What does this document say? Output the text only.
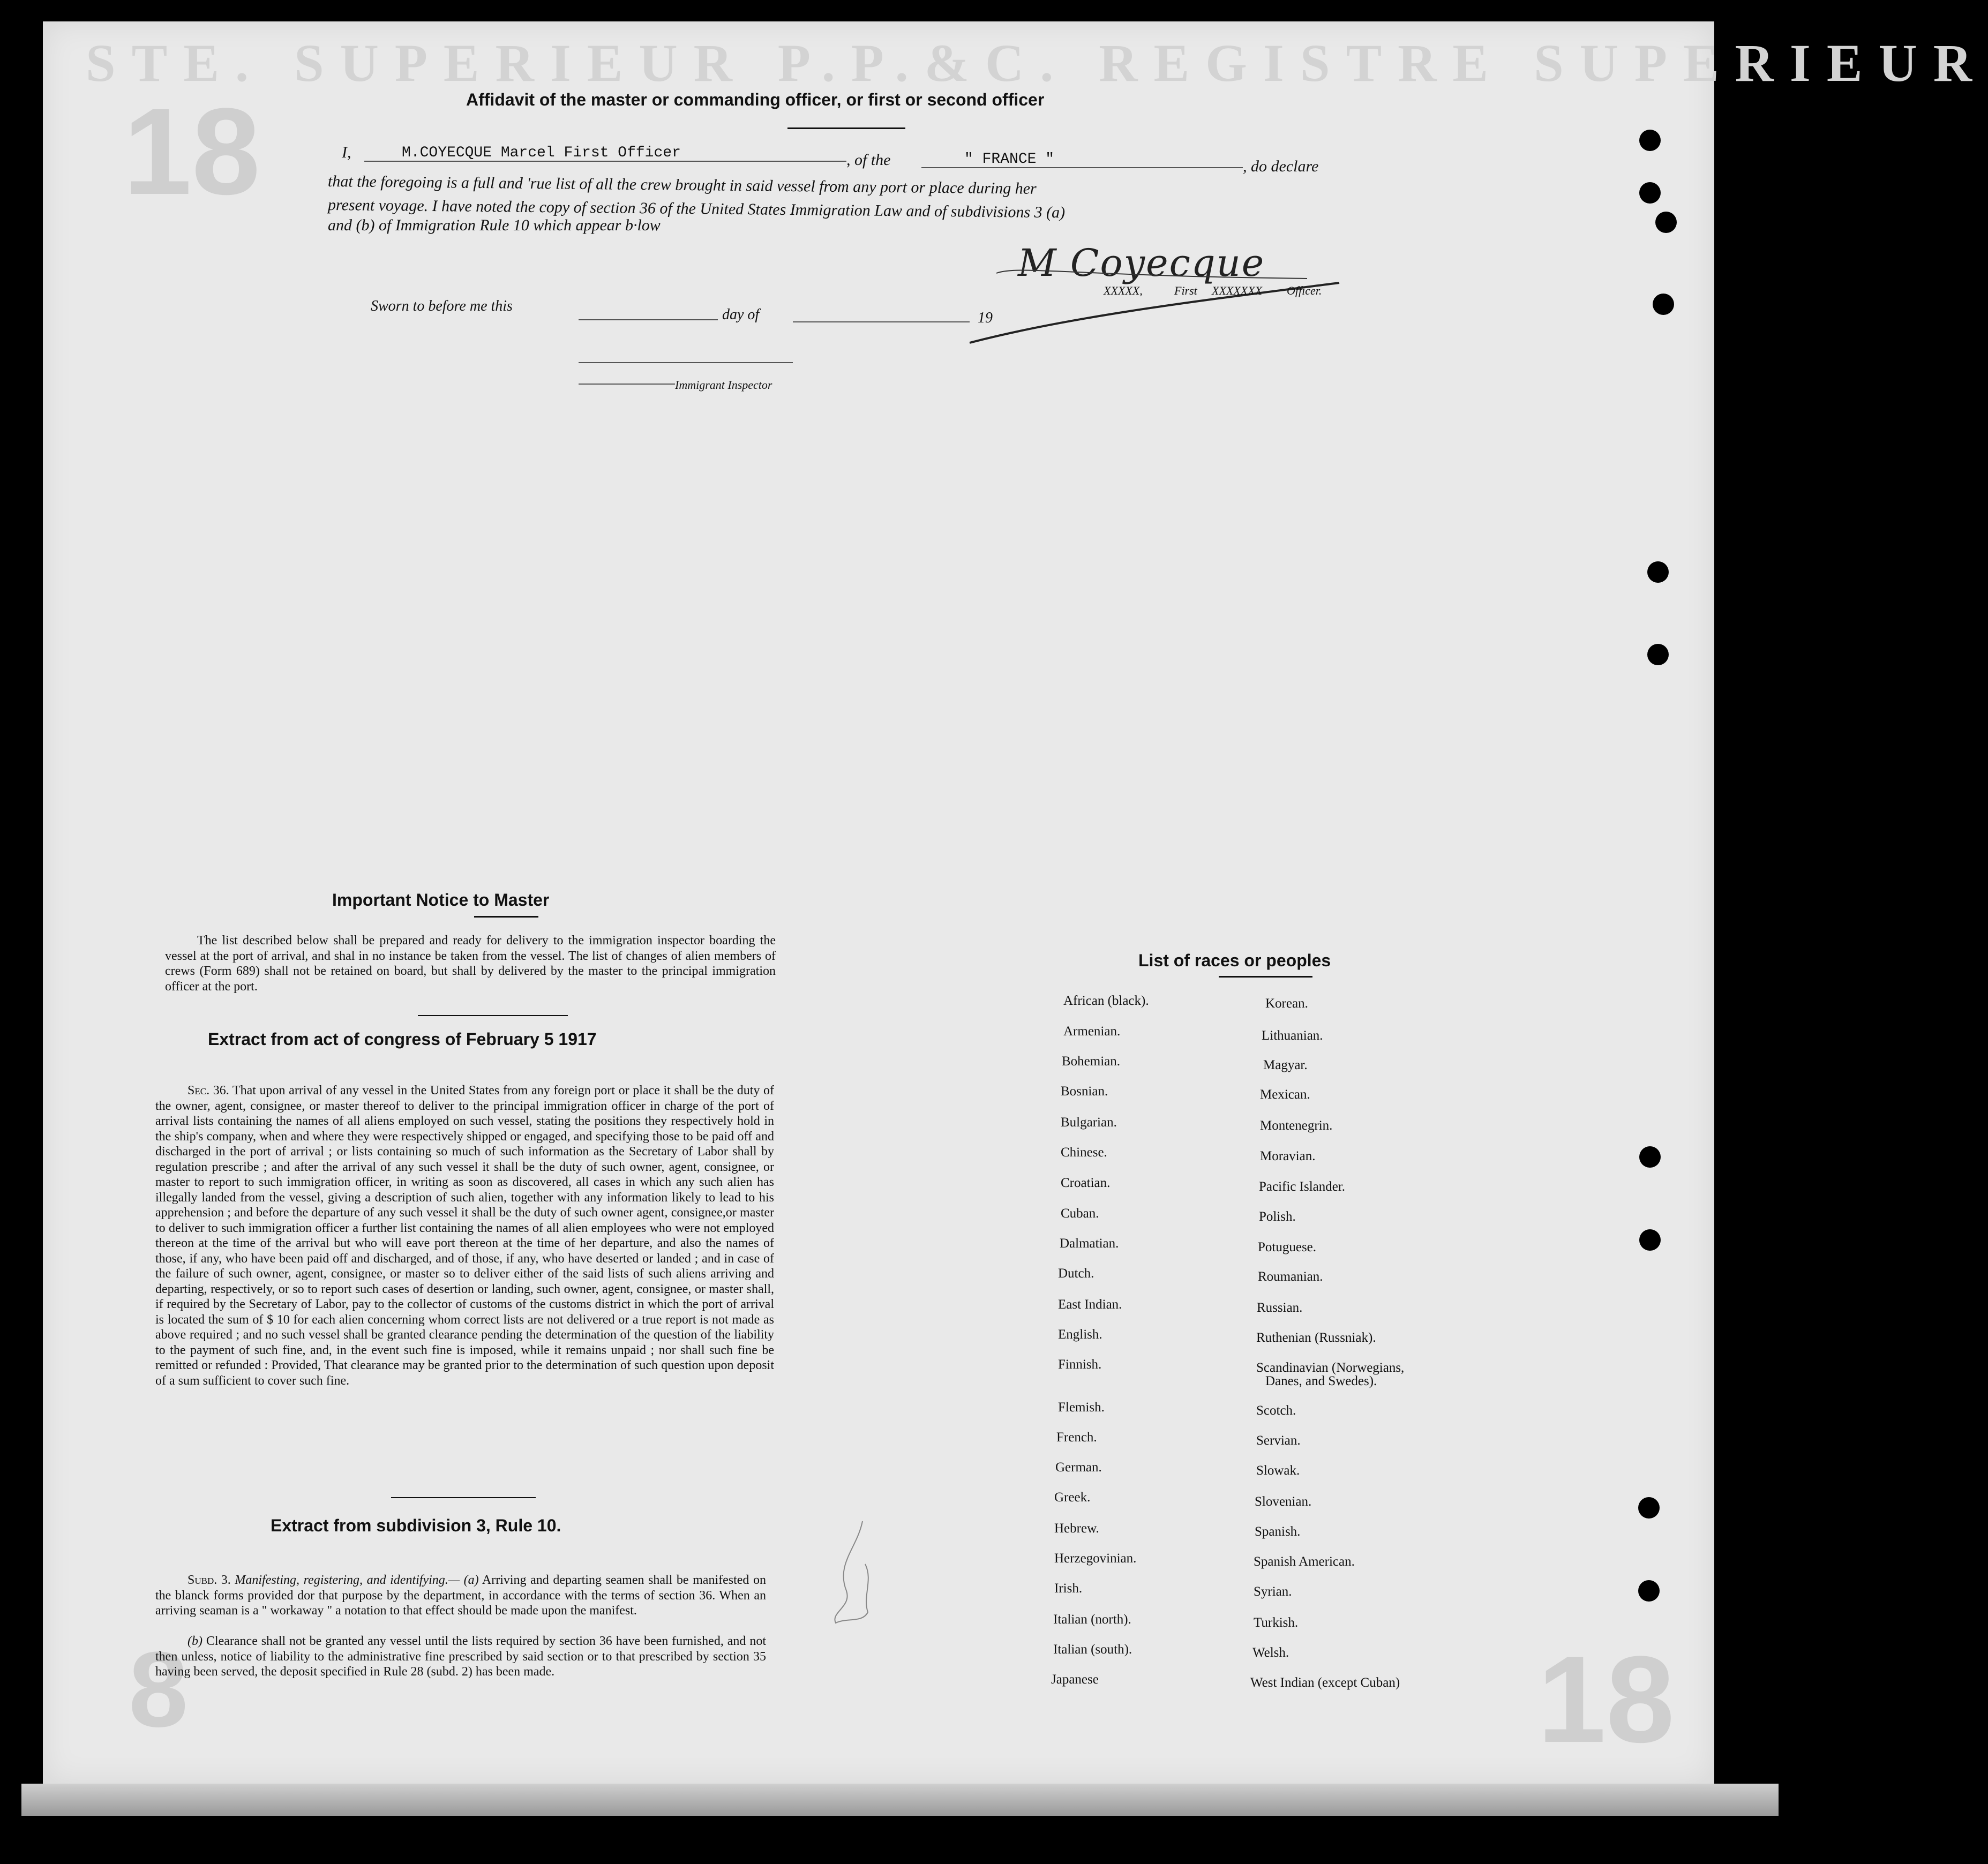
STE. SUPERIEUR P.P.&C. REGISTRE SUPERIEUR
18
18
8
Affidavit of the master or commanding officer, or first or second officer
I,	M.COYECQUE Marcel First Officer	, of the	" FRANCE "	, do declare
that the foregoing is a full and 'rue list of all the crew brought in said vessel from any port or place during her
present voyage. I have noted the copy of section 36 of the United States Immigration Law and of subdivisions 3 (a)
and (b) of Immigration Rule 10 which appear b·low
M Coyecque
XXXXX,	First XXXXXXX Officer.
Sworn to before me this
day of	19
Immigrant Inspector
Important Notice to Master
The list described below shall be prepared and ready for delivery to the immigration inspector boarding the vessel at the port of arrival, and shal in no instance be taken from the vessel. The list of changes of alien members of crews (Form 689) shall not be retained on board, but shall by delivered by the master to the principal immigration officer at the port.
Extract from act of congress of February 5 1917
Sec. 36. That upon arrival of any vessel in the United States from any foreign port or place it shall be the duty of the owner, agent, consignee, or master thereof to deliver to the principal immigration officer in charge of the port of arrival lists containing the names of all aliens employed on such vessel, stating the positions they respectively hold in the ship's company, when and where they were respectively shipped or engaged, and specifying those to be paid off and discharged in the port of arrival ; or lists containing so much of such information as the Secretary of Labor shall by regulation prescribe ; and after the arrival of any such vessel it shall be the duty of such owner, agent, consignee, or master to report to such immigration officer, in writing as soon as discovered, all cases in which any such alien has illegally landed from the vessel, giving a description of such alien, together with any information likely to lead to his apprehension ; and before the departure of any such vessel it shall be the duty of such owner agent, consignee,or master to deliver to such immigration officer a further list containing the names of all alien employees who were not employed thereon at the time of the arrival but who will eave port thereon at the time of her departure, and also the names of those, if any, who have been paid off and discharged, and of those, if any, who have deserted or landed ; and in case of the failure of such owner, agent, consignee, or master so to deliver either of the said lists of such aliens arriving and departing, respectively, or so to report such cases of desertion or landing, such owner, agent, consignee, or master shall, if required by the Secretary of Labor, pay to the collector of customs of the customs district in which the port of arrival is located the sum of $ 10 for each alien concerning whom correct lists are not delivered or a true report is not made as above required ; and no such vessel shall be granted clearance pending the determination of the question of the liability to the payment of such fine, and, in the event such fine is imposed, while it remains unpaid ; nor shall such fine be remitted or refunded : Provided, That clearance may be granted prior to the determination of such question upon deposit of a sum sufficient to cover such fine.
Extract from subdivision 3, Rule 10.
Subd. 3. Manifesting, registering, and identifying.— (a) Arriving and departing seamen shall be manifested on the blanck forms provided dor that purpose by the department, in accordance with the terms of section 36. When an arriving seaman is a " workaway " a notation to that effect should be made upon the manifest.
(b) Clearance shall not be granted any vessel until the lists required by section 36 have been furnished, and not then unless, notice of liability to the administrative fine prescribed by said section or to that prescribed by section 35 having been served, the deposit specified in Rule 28 (subd. 2) has been made.
List of races or peoples
African (black).
Armenian.
Bohemian.
Bosnian.
Bulgarian.
Chinese.
Croatian.
Cuban.
Dalmatian.
Dutch.
East Indian.
English.
Finnish.
Flemish.
French.
German.
Greek.
Hebrew.
Herzegovinian.
Irish.
Italian (north).
Italian (south).
Japanese
Korean.
Lithuanian.
Magyar.
Mexican.
Montenegrin.
Moravian.
Pacific Islander.
Polish.
Potuguese.
Roumanian.
Russian.
Ruthenian (Russniak).
Scandinavian (Norwegians,
Danes, and Swedes).
Scotch.
Servian.
Slowak.
Slovenian.
Spanish.
Spanish American.
Syrian.
Turkish.
Welsh.
West Indian (except Cuban)
